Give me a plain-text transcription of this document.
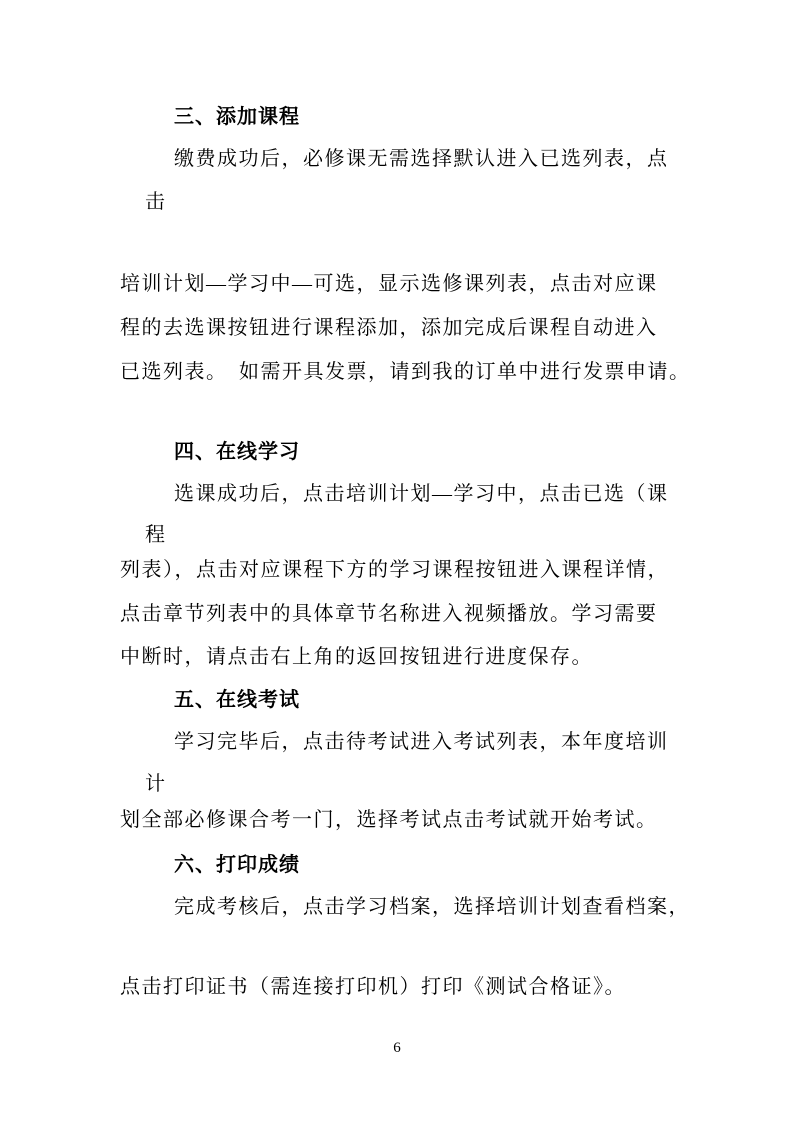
三、添加课程
缴费成功后，必修课无需选择默认进入已选列表，点
击
培训计划—学习中—可选，显示选修课列表，点击对应课
程的去选课按钮进行课程添加，添加完成后课程自动进入
已选列表。　如需开具发票，请到我的订单中进行发票申请。
四、在线学习
选课成功后，点击培训计划—学习中，点击已选（课
程
列表），点击对应课程下方的学习课程按钮进入课程详情，
点击章节列表中的具体章节名称进入视频播放。学习需要
中断时，请点击右上角的返回按钮进行进度保存。
五、在线考试
学习完毕后，点击待考试进入考试列表，本年度培训
计
划全部必修课合考一门，选择考试点击考试就开始考试。
六、打印成绩
完成考核后，点击学习档案，选择培训计划查看档案，
点击打印证书（需连接打印机）打印《测试合格证》。
6
